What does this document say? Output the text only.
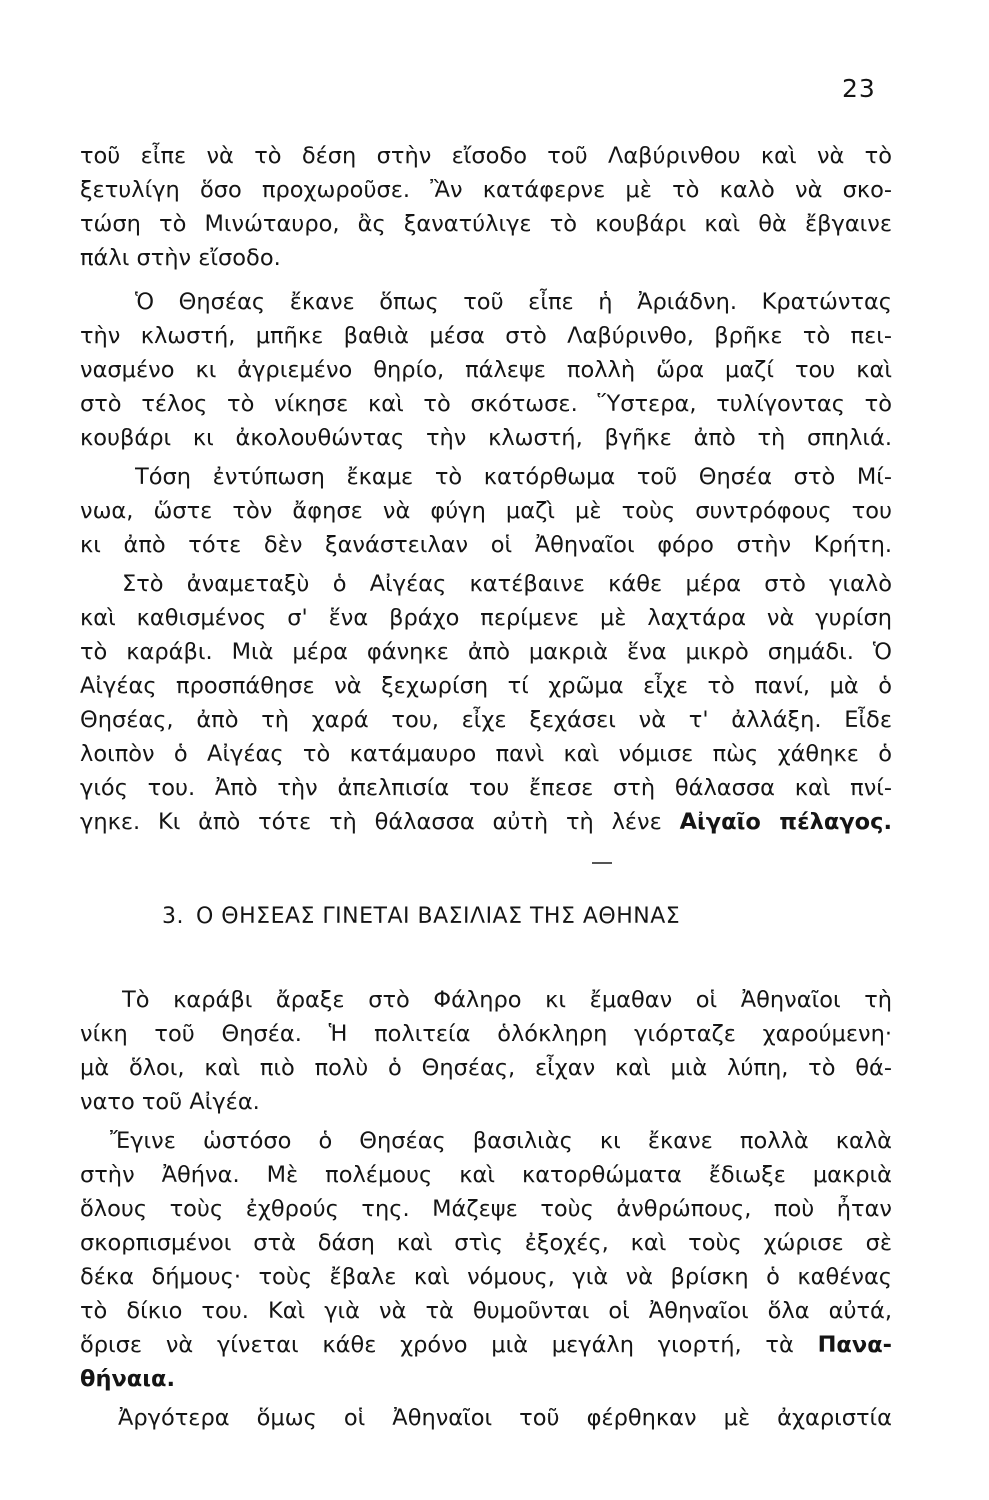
23
τοῦ εἶπε νὰ τὸ δέση στὴν εἴσοδο τοῦ Λαβύρινθου καὶ νὰ τὸ
ξετυλίγη ὅσο προχωροῦσε. Ἂν κατάφερνε μὲ τὸ καλὸ νὰ σκο-
τώση τὸ Μινώταυρο, ἂς ξανατύλιγε τὸ κουβάρι καὶ θὰ ἔβγαινε
πάλι στὴν εἴσοδο.
Ὁ Θησέας ἔκανε ὅπως τοῦ εἶπε ἡ Ἀριάδνη. Κρατώντας
τὴν κλωστή, μπῆκε βαθιὰ μέσα στὸ Λαβύρινθο, βρῆκε τὸ πει-
νασμένο κι ἀγριεμένο θηρίο, πάλεψε πολλὴ ὥρα μαζί του καὶ
στὸ τέλος τὸ νίκησε καὶ τὸ σκότωσε. Ὕστερα, τυλίγοντας τὸ
κουβάρι κι ἀκολουθώντας τὴν κλωστή, βγῆκε ἀπὸ τὴ σπηλιά.
Τόση ἐντύπωση ἔκαμε τὸ κατόρθωμα τοῦ Θησέα στὸ Μί-
νωα, ὥστε τὸν ἄφησε νὰ φύγη μαζὶ μὲ τοὺς συντρόφους του
κι ἀπὸ τότε δὲν ξανάστειλαν οἱ Ἀθηναῖοι φόρο στὴν Κρήτη.
Στὸ ἀναμεταξὺ ὁ Αἰγέας κατέβαινε κάθε μέρα στὸ γιαλὸ
καὶ καθισμένος σ' ἕνα βράχο περίμενε μὲ λαχτάρα νὰ γυρίση
τὸ καράβι. Μιὰ μέρα φάνηκε ἀπὸ μακριὰ ἕνα μικρὸ σημάδι. Ὁ
Αἰγέας προσπάθησε νὰ ξεχωρίση τί χρῶμα εἶχε τὸ πανί, μὰ ὁ
Θησέας, ἀπὸ τὴ χαρά του, εἶχε ξεχάσει νὰ τ' ἀλλάξη. Εἶδε
λοιπὸν ὁ Αἰγέας τὸ κατάμαυρο πανὶ καὶ νόμισε πὼς χάθηκε ὁ
γιός του. Ἀπὸ τὴν ἀπελπισία του ἔπεσε στὴ θάλασσα καὶ πνί-
γηκε. Κι ἀπὸ τότε τὴ θάλασσα αὐτὴ τὴ λένε Αἰγαῖο πέλαγος.
3. Ο ΘΗΣΕΑΣ ΓΙΝΕΤΑΙ ΒΑΣΙΛΙΑΣ ΤΗΣ ΑΘΗΝΑΣ
Τὸ καράβι ἄραξε στὸ Φάληρο κι ἔμαθαν οἱ Ἀθηναῖοι τὴ
νίκη τοῦ Θησέα. Ἡ πολιτεία ὁλόκληρη γιόρταζε χαρούμενη·
μὰ ὅλοι, καὶ πιὸ πολὺ ὁ Θησέας, εἶχαν καὶ μιὰ λύπη, τὸ θά-
νατο τοῦ Αἰγέα.
Ἔγινε ὡστόσο ὁ Θησέας βασιλιὰς κι ἔκανε πολλὰ καλὰ
στὴν Ἀθήνα. Μὲ πολέμους καὶ κατορθώματα ἔδιωξε μακριὰ
ὅλους τοὺς ἐχθρούς της. Μάζεψε τοὺς ἀνθρώπους, ποὺ ἦταν
σκορπισμένοι στὰ δάση καὶ στὶς ἐξοχές, καὶ τοὺς χώρισε σὲ
δέκα δήμους· τοὺς ἔβαλε καὶ νόμους, γιὰ νὰ βρίσκη ὁ καθένας
τὸ δίκιο του. Καὶ γιὰ νὰ τὰ θυμοῦνται οἱ Ἀθηναῖοι ὅλα αὐτά,
ὅρισε νὰ γίνεται κάθε χρόνο μιὰ μεγάλη γιορτή, τὰ Πανα-
θήναια.
Ἀργότερα ὅμως οἱ Ἀθηναῖοι τοῦ φέρθηκαν μὲ ἀχαριστία
